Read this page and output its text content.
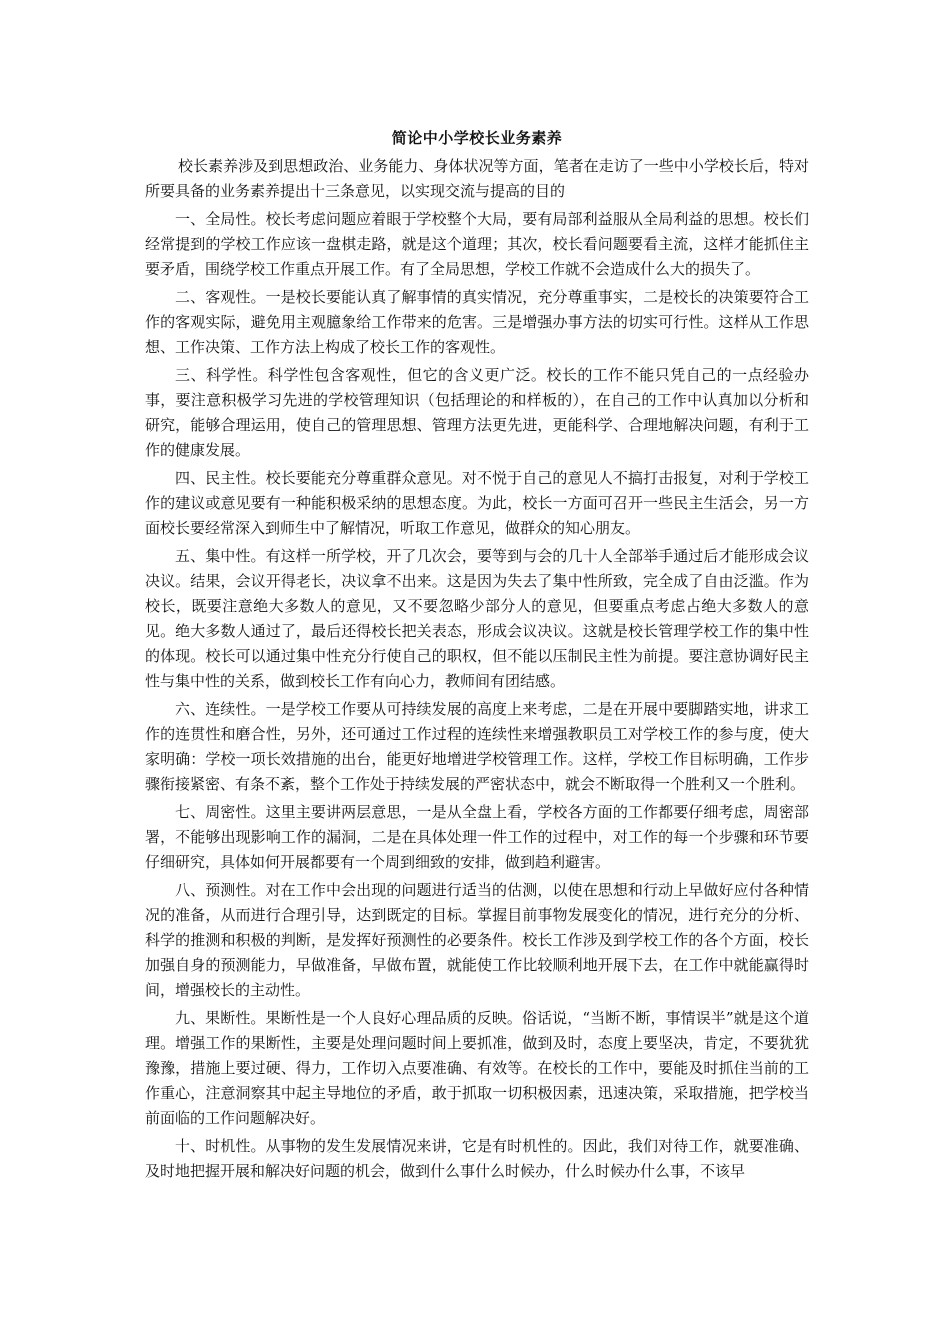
简论中小学校长业务素养

校长素养涉及到思想政治、业务能力、身体状况等方面，笔者在走访了一些中小学校长后，特对所要具备的业务素养提出十三条意见，以实现交流与提高的目的

一、全局性。校长考虑问题应着眼于学校整个大局，要有局部利益服从全局利益的思想。校长们经常提到的学校工作应该一盘棋走路，就是这个道理；其次，校长看问题要看主流，这样才能抓住主要矛盾，围绕学校工作重点开展工作。有了全局思想，学校工作就不会造成什么大的损失了。

二、客观性。一是校长要能认真了解事情的真实情况，充分尊重事实，二是校长的决策要符合工作的客观实际，避免用主观臆象给工作带来的危害。三是增强办事方法的切实可行性。这样从工作思想、工作决策、工作方法上构成了校长工作的客观性。

三、科学性。科学性包含客观性，但它的含义更广泛。校长的工作不能只凭自己的一点经验办事，要注意积极学习先进的学校管理知识（包括理论的和样板的），在自己的工作中认真加以分析和研究，能够合理运用，使自己的管理思想、管理方法更先进，更能科学、合理地解决问题，有利于工作的健康发展。

四、民主性。校长要能充分尊重群众意见。对不悦于自己的意见人不搞打击报复，对利于学校工作的建议或意见要有一种能积极采纳的思想态度。为此，校长一方面可召开一些民主生活会，另一方面校长要经常深入到师生中了解情况，听取工作意见，做群众的知心朋友。

五、集中性。有这样一所学校，开了几次会，要等到与会的几十人全部举手通过后才能形成会议决议。结果，会议开得老长，决议拿不出来。这是因为失去了集中性所致，完全成了自由泛滥。作为校长，既要注意绝大多数人的意见，又不要忽略少部分人的意见，但要重点考虑占绝大多数人的意见。绝大多数人通过了，最后还得校长把关表态，形成会议决议。这就是校长管理学校工作的集中性的体现。校长可以通过集中性充分行使自己的职权，但不能以压制民主性为前提。要注意协调好民主性与集中性的关系，做到校长工作有向心力，教师间有团结感。

六、连续性。一是学校工作要从可持续发展的高度上来考虑，二是在开展中要脚踏实地，讲求工作的连贯性和磨合性，另外，还可通过工作过程的连续性来增强教职员工对学校工作的参与度，使大家明确：学校一项长效措施的出台，能更好地增进学校管理工作。这样，学校工作目标明确，工作步骤衔接紧密、有条不紊，整个工作处于持续发展的严密状态中，就会不断取得一个胜利又一个胜利。

七、周密性。这里主要讲两层意思，一是从全盘上看，学校各方面的工作都要仔细考虑，周密部署，不能够出现影响工作的漏洞，二是在具体处理一件工作的过程中，对工作的每一个步骤和环节要仔细研究，具体如何开展都要有一个周到细致的安排，做到趋利避害。

八、预测性。对在工作中会出现的问题进行适当的估测，以使在思想和行动上早做好应付各种情况的准备，从而进行合理引导，达到既定的目标。掌握目前事物发展变化的情况，进行充分的分析、科学的推测和积极的判断，是发挥好预测性的必要条件。校长工作涉及到学校工作的各个方面，校长加强自身的预测能力，早做准备，早做布置，就能使工作比较顺利地开展下去，在工作中就能赢得时间，增强校长的主动性。

九、果断性。果断性是一个人良好心理品质的反映。俗话说，“当断不断，事情误半”就是这个道理。增强工作的果断性，主要是处理问题时间上要抓准，做到及时，态度上要坚决，肯定，不要犹犹豫豫，措施上要过硬、得力，工作切入点要准确、有效等。在校长的工作中，要能及时抓住当前的工作重心，注意洞察其中起主导地位的矛盾，敢于抓取一切积极因素，迅速决策，采取措施，把学校当前面临的工作问题解决好。

十、时机性。从事物的发生发展情况来讲，它是有时机性的。因此，我们对待工作，就要准确、及时地把握开展和解决好问题的机会，做到什么事什么时候办，什么时候办什么事，不该早
